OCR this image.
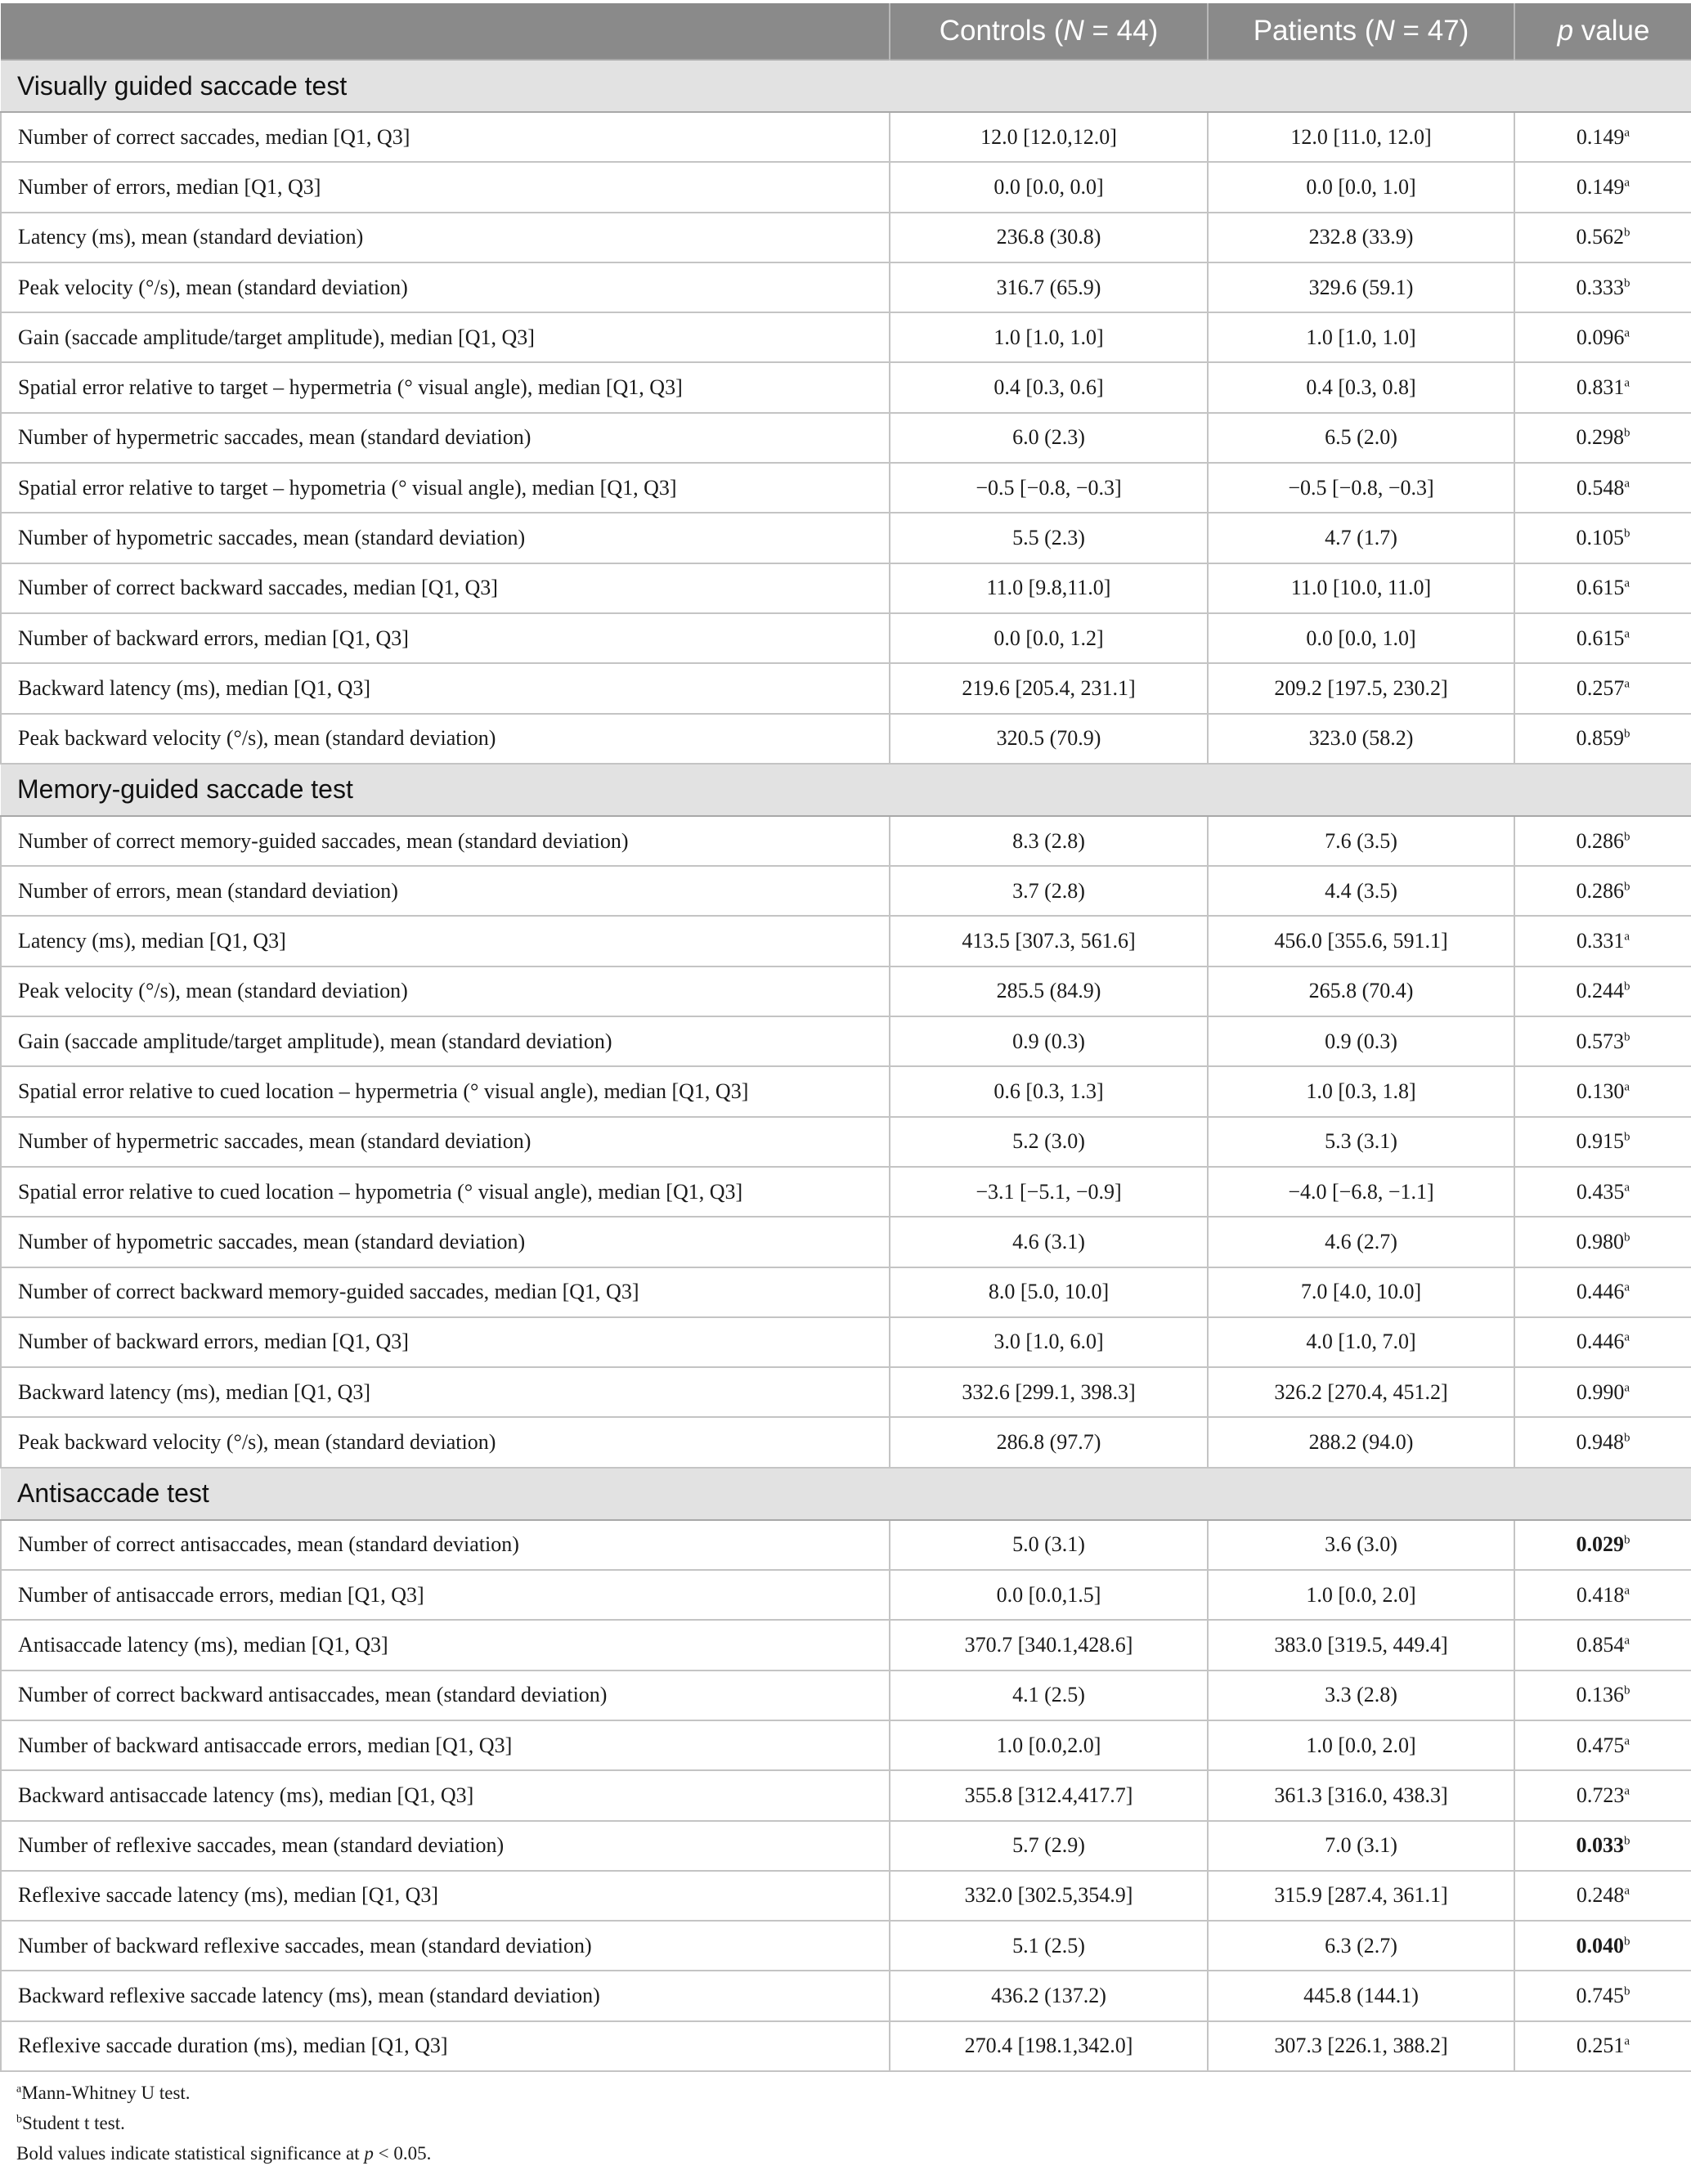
	Controls (N = 44)	Patients (N = 47)	p value
Visually guided saccade test			
Number of correct saccades, median [Q1, Q3]	12.0 [12.0,12.0]	12.0 [11.0, 12.0]	0.149$^a$
Number of errors, median [Q1, Q3]	0.0 [0.0, 0.0]	0.0 [0.0, 1.0]	0.149$^a$
Latency (ms), mean (standard deviation)	236.8 (30.8)	232.8 (33.9)	0.562$^b$
Peak velocity (°/s), mean (standard deviation)	316.7 (65.9)	329.6 (59.1)	0.333$^b$
Gain (saccade amplitude/target amplitude), median [Q1, Q3]	1.0 [1.0, 1.0]	1.0 [1.0, 1.0]	0.096$^a$
Spatial error relative to target – hypermetria (° visual angle), median [Q1, Q3]	0.4 [0.3, 0.6]	0.4 [0.3, 0.8]	0.831$^a$
Number of hypermetric saccades, mean (standard deviation)	6.0 (2.3)	6.5 (2.0)	0.298$^b$
Spatial error relative to target – hypometria (° visual angle), median [Q1, Q3]	−0.5 [−0.8, −0.3]	−0.5 [−0.8, −0.3]	0.548$^a$
Number of hypometric saccades, mean (standard deviation)	5.5 (2.3)	4.7 (1.7)	0.105$^b$
Number of correct backward saccades, median [Q1, Q3]	11.0 [9.8,11.0]	11.0 [10.0, 11.0]	0.615$^a$
Number of backward errors, median [Q1, Q3]	0.0 [0.0, 1.2]	0.0 [0.0, 1.0]	0.615$^a$
Backward latency (ms), median [Q1, Q3]	219.6 [205.4, 231.1]	209.2 [197.5, 230.2]	0.257$^a$
Peak backward velocity (°/s), mean (standard deviation)	320.5 (70.9)	323.0 (58.2)	0.859$^b$
Memory-guided saccade test			
Number of correct memory-guided saccades, mean (standard deviation)	8.3 (2.8)	7.6 (3.5)	0.286$^b$
Number of errors, mean (standard deviation)	3.7 (2.8)	4.4 (3.5)	0.286$^b$
Latency (ms), median [Q1, Q3]	413.5 [307.3, 561.6]	456.0 [355.6, 591.1]	0.331$^a$
Peak velocity (°/s), mean (standard deviation)	285.5 (84.9)	265.8 (70.4)	0.244$^b$
Gain (saccade amplitude/target amplitude), mean (standard deviation)	0.9 (0.3)	0.9 (0.3)	0.573$^b$
Spatial error relative to cued location – hypermetria (° visual angle), median [Q1, Q3]	0.6 [0.3, 1.3]	1.0 [0.3, 1.8]	0.130$^a$
Number of hypermetric saccades, mean (standard deviation)	5.2 (3.0)	5.3 (3.1)	0.915$^b$
Spatial error relative to cued location – hypometria (° visual angle), median [Q1, Q3]	−3.1 [−5.1, −0.9]	−4.0 [−6.8, −1.1]	0.435$^a$
Number of hypometric saccades, mean (standard deviation)	4.6 (3.1)	4.6 (2.7)	0.980$^b$
Number of correct backward memory-guided saccades, median [Q1, Q3]	8.0 [5.0, 10.0]	7.0 [4.0, 10.0]	0.446$^a$
Number of backward errors, median [Q1, Q3]	3.0 [1.0, 6.0]	4.0 [1.0, 7.0]	0.446$^a$
Backward latency (ms), median [Q1, Q3]	332.6 [299.1, 398.3]	326.2 [270.4, 451.2]	0.990$^a$
Peak backward velocity (°/s), mean (standard deviation)	286.8 (97.7)	288.2 (94.0)	0.948$^b$
Antisaccade test			
Number of correct antisaccades, mean (standard deviation)	5.0 (3.1)	3.6 (3.0)	0.029$^b$
Number of antisaccade errors, median [Q1, Q3]	0.0 [0.0,1.5]	1.0 [0.0, 2.0]	0.418$^a$
Antisaccade latency (ms), median [Q1, Q3]	370.7 [340.1,428.6]	383.0 [319.5, 449.4]	0.854$^a$
Number of correct backward antisaccades, mean (standard deviation)	4.1 (2.5)	3.3 (2.8)	0.136$^b$
Number of backward antisaccade errors, median [Q1, Q3]	1.0 [0.0,2.0]	1.0 [0.0, 2.0]	0.475$^a$
Backward antisaccade latency (ms), median [Q1, Q3]	355.8 [312.4,417.7]	361.3 [316.0, 438.3]	0.723$^a$
Number of reflexive saccades, mean (standard deviation)	5.7 (2.9)	7.0 (3.1)	0.033$^b$
Reflexive saccade latency (ms), median [Q1, Q3]	332.0 [302.5,354.9]	315.9 [287.4, 361.1]	0.248$^a$
Number of backward reflexive saccades, mean (standard deviation)	5.1 (2.5)	6.3 (2.7)	0.040$^b$
Backward reflexive saccade latency (ms), mean (standard deviation)	436.2 (137.2)	445.8 (144.1)	0.745$^b$
Reflexive saccade duration (ms), median [Q1, Q3]	270.4 [198.1,342.0]	307.3 [226.1, 388.2]	0.251$^a$
$^a$Mann-Whitney U test.
$^b$Student t test.
Bold values indicate statistical significance at p < 0.05.
